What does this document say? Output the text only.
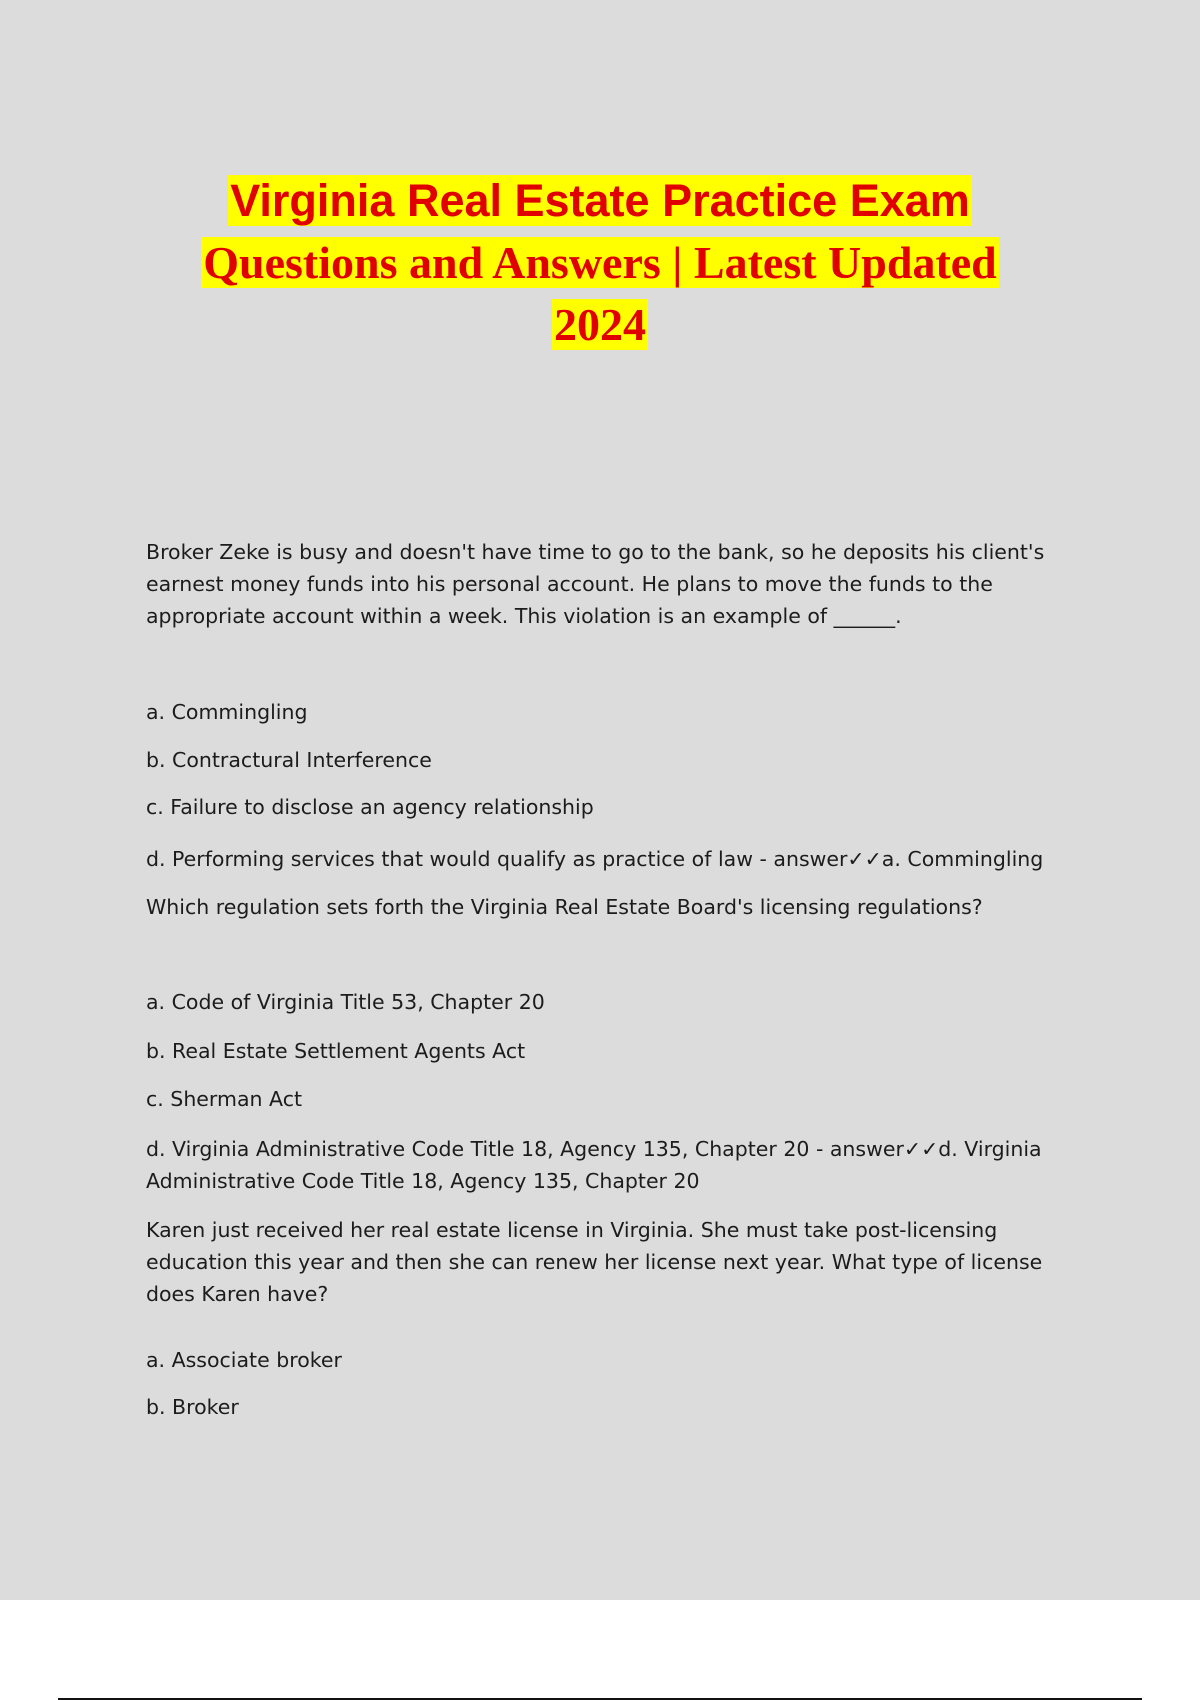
Virginia Real Estate Practice Exam
Questions and Answers | Latest Updated
2024

Broker Zeke is busy and doesn't have time to go to the bank, so he deposits his client's earnest money funds into his personal account. He plans to move the funds to the appropriate account within a week. This violation is an example of ______.

a. Commingling

b. Contractural Interference

c. Failure to disclose an agency relationship

d. Performing services that would qualify as practice of law - answer✓✓a. Commingling

Which regulation sets forth the Virginia Real Estate Board's licensing regulations?

a. Code of Virginia Title 53, Chapter 20

b. Real Estate Settlement Agents Act

c. Sherman Act

d. Virginia Administrative Code Title 18, Agency 135, Chapter 20 - answer✓✓d. Virginia Administrative Code Title 18, Agency 135, Chapter 20

Karen just received her real estate license in Virginia. She must take post-licensing education this year and then she can renew her license next year. What type of license does Karen have?

a. Associate broker

b. Broker
